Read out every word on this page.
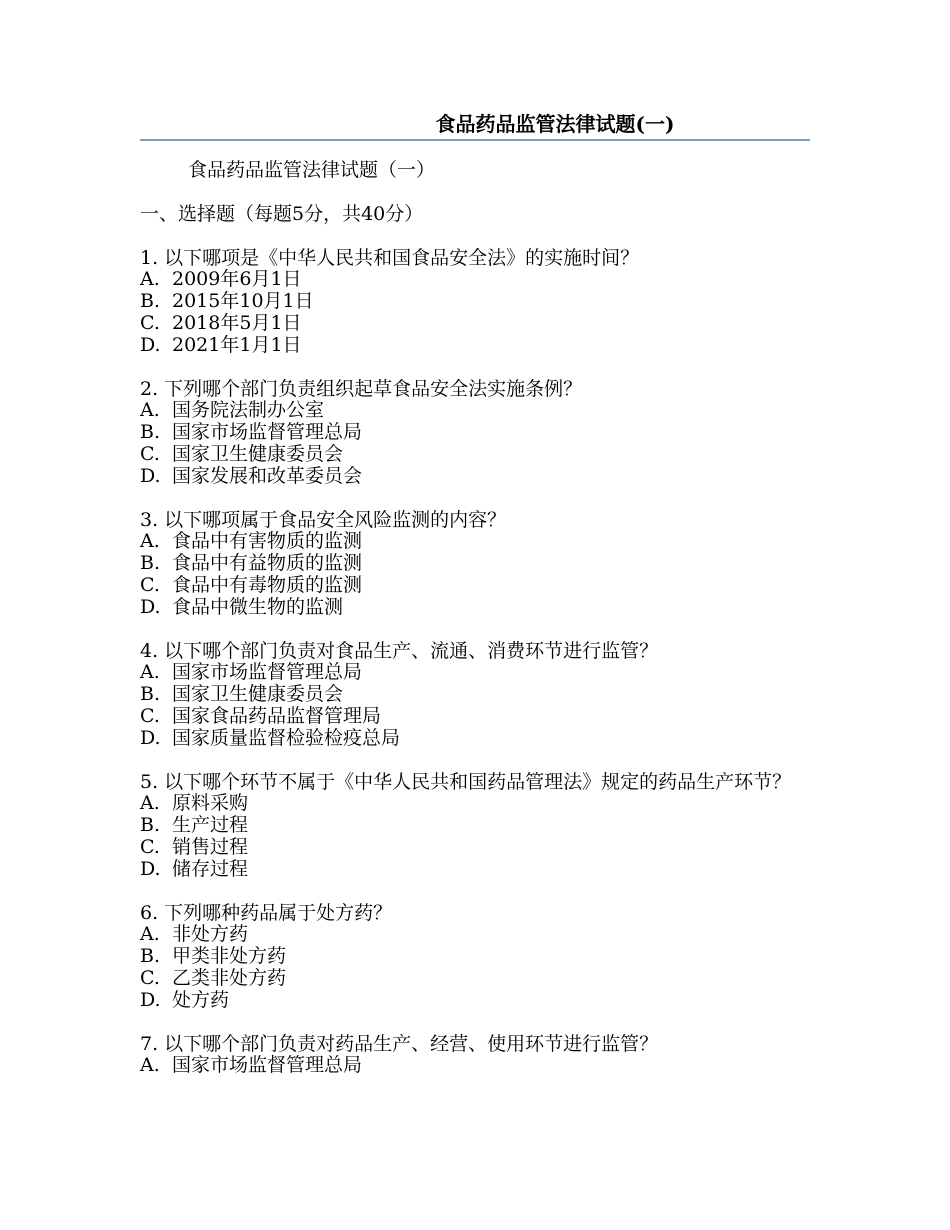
食品药品监管法律试题(一)

食品药品监管法律试题（一）

一、选择题（每题5分，共40分）

1. 以下哪项是《中华人民共和国食品安全法》的实施时间？

A. 2009年6月1日

B. 2015年10月1日

C. 2018年5月1日

D. 2021年1月1日

2. 下列哪个部门负责组织起草食品安全法实施条例？

A. 国务院法制办公室

B. 国家市场监督管理总局

C. 国家卫生健康委员会

D. 国家发展和改革委员会

3. 以下哪项属于食品安全风险监测的内容？

A. 食品中有害物质的监测

B. 食品中有益物质的监测

C. 食品中有毒物质的监测

D. 食品中微生物的监测

4. 以下哪个部门负责对食品生产、流通、消费环节进行监管？

A. 国家市场监督管理总局

B. 国家卫生健康委员会

C. 国家食品药品监督管理局

D. 国家质量监督检验检疫总局

5. 以下哪个环节不属于《中华人民共和国药品管理法》规定的药品生产环节？

A. 原料采购

B. 生产过程

C. 销售过程

D. 储存过程

6. 下列哪种药品属于处方药？

A. 非处方药

B. 甲类非处方药

C. 乙类非处方药

D. 处方药

7. 以下哪个部门负责对药品生产、经营、使用环节进行监管？

A. 国家市场监督管理总局
